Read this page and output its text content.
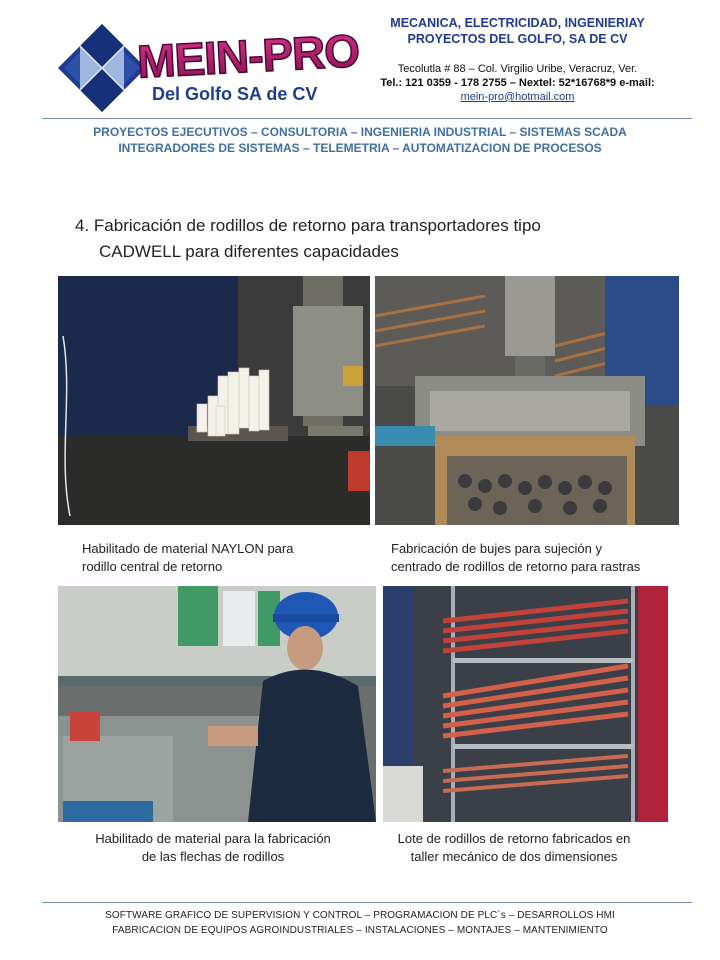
MEIN-PRO
Del Golfo SA de CV
MECANICA, ELECTRICIDAD, INGENIERIAY
PROYECTOS DEL GOLFO, SA DE CV
Tecolutla # 88 – Col. Virgilio Uribe, Veracruz, Ver.
Tel.: 121 0359 - 178 2755 – Nextel: 52*16768*9 e-mail:
mein-pro@hotmail.com
PROYECTOS EJECUTIVOS – CONSULTORIA – INGENIERIA INDUSTRIAL – SISTEMAS SCADA
INTEGRADORES DE SISTEMAS – TELEMETRIA – AUTOMATIZACION DE PROCESOS
4. Fabricación de rodillos de retorno para transportadores tipo
CADWELL para diferentes capacidades
Habilitado de material NAYLON para
rodillo central de retorno
Fabricación de bujes para sujeción y
centrado de rodillos de retorno para rastras
Habilitado de material para la fabricación
de las flechas de rodillos
Lote de rodillos de retorno fabricados en
taller mecánico de dos dimensiones
SOFTWARE GRAFICO DE SUPERVISION Y CONTROL – PROGRAMACION DE PLC´s – DESARROLLOS HMI
FABRICACION DE EQUIPOS AGROINDUSTRIALES – INSTALACIONES – MONTAJES – MANTENIMIENTO
